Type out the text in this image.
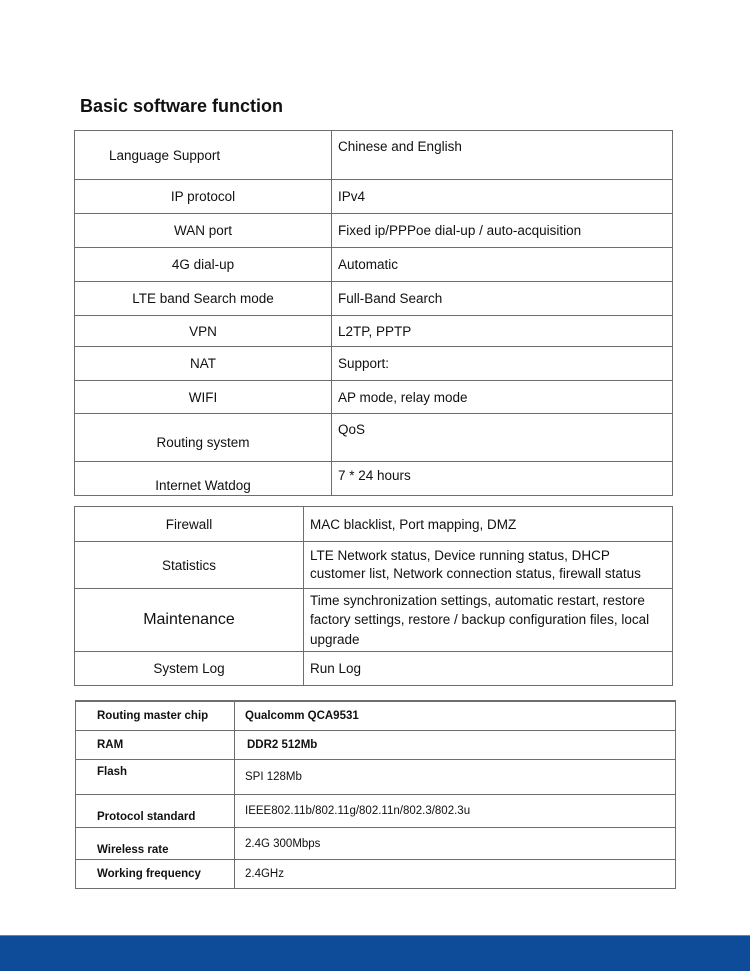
Basic software function
Language Support	Chinese and English
IP protocol	IPv4
WAN port	Fixed ip/PPPoe dial-up / auto-acquisition
4G dial-up	Automatic
LTE band Search mode	Full-Band Search
VPN	L2TP, PPTP
NAT	Support:
WIFI	AP mode, relay mode
Routing system	QoS
Internet Watdog	7 * 24 hours
Firewall	MAC blacklist, Port mapping, DMZ
Statistics	LTE Network status, Device running status, DHCP customer list, Network connection status, firewall status
Maintenance	Time synchronization settings, automatic restart, restore factory settings, restore / backup configuration files, local upgrade
System Log	Run Log
Routing master chip	Qualcomm QCA9531
RAM	DDR2 512Mb
Flash	SPI 128Mb
Protocol standard	IEEE802.11b/802.11g/802.11n/802.3/802.3u
Wireless rate	2.4G 300Mbps
Working frequency	2.4GHz
